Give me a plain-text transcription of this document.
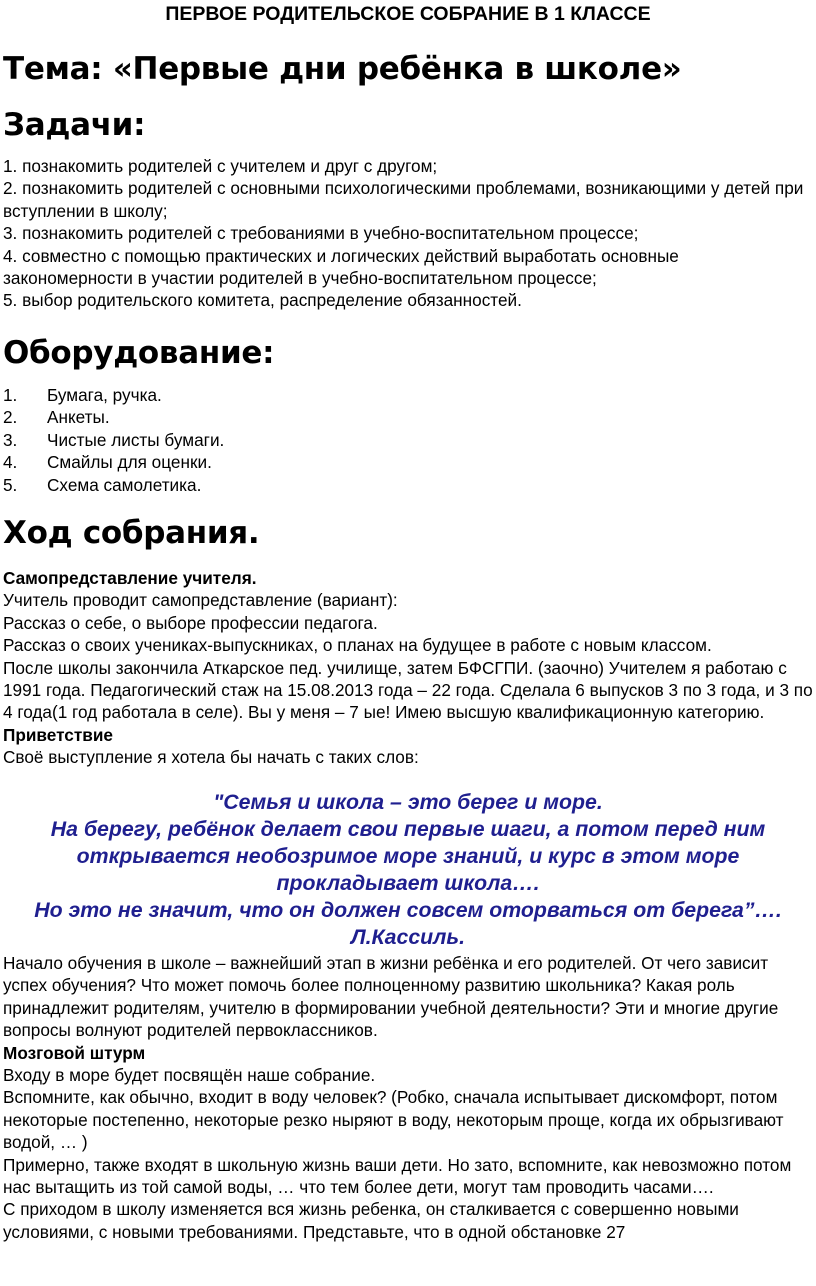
ПЕРВОЕ РОДИТЕЛЬСКОЕ СОБРАНИЕ В 1 КЛАССЕ
Тема: «Первые дни ребёнка в школе»
Задачи:

1. познакомить родителей с учителем и друг с другом;

2. познакомить родителей с основными психологическими проблемами, возникающими у детей при вступлении в школу;

3. познакомить родителей с требованиями в учебно-воспитательном процессе;

4. совместно с помощью практических и логических действий выработать основные закономерности в участии родителей в учебно-воспитательном процессе;

5. выбор родительского комитета, распределение обязанностей.

Оборудование:
1.	Бумага, ручка.
2.	Анкеты.
3.	Чистые листы бумаги.
4.	Смайлы для оценки.
5.	Схема самолетика.
Ход собрания.

Самопредставление учителя.

Учитель проводит самопредставление (вариант):

Рассказ о себе, о выборе профессии педагога.

Рассказ о своих учениках-выпускниках, о планах на будущее в работе с новым классом.

После школы закончила Аткарское пед. училище, затем БФСГПИ. (заочно) Учителем я работаю с 1991 года. Педагогический стаж на 15.08.2013 года – 22 года. Сделала 6 выпусков 3 по 3 года, и 3 по 4 года(1 год работала в селе). Вы у меня – 7 ые! Имею высшую квалификационную категорию.

Приветствие

Своё выступление я хотела бы начать с таких слов:

"Семья и школа – это берег и море.

На берегу, ребёнок делает свои первые шаги, а потом перед ним открывается необозримое море знаний, и курс в этом море прокладывает школа….

Но это не значит, что он должен совсем оторваться от берега”…. Л.Кассиль.

Начало обучения в школе – важнейший этап в жизни ребёнка и его родителей. От чего зависит успех обучения? Что может помочь более полноценному развитию школьника? Какая роль принадлежит родителям, учителю в формировании учебной деятельности? Эти и многие другие вопросы волнуют родителей первоклассников.

Мозговой штурм

Входу в море будет посвящён наше собрание.

Вспомните, как обычно, входит в воду человек? (Робко, сначала испытывает дискомфорт, потом некоторые постепенно, некоторые резко ныряют в воду, некоторым проще, когда их обрызгивают водой, … )

Примерно, также входят в школьную жизнь ваши дети. Но зато, вспомните, как невозможно потом нас вытащить из той самой воды, … что тем более дети, могут там проводить часами….

С приходом в школу изменяется вся жизнь ребенка, он сталкивается с совершенно новыми условиями, с новыми требованиями. Представьте, что в одной обстановке 27
